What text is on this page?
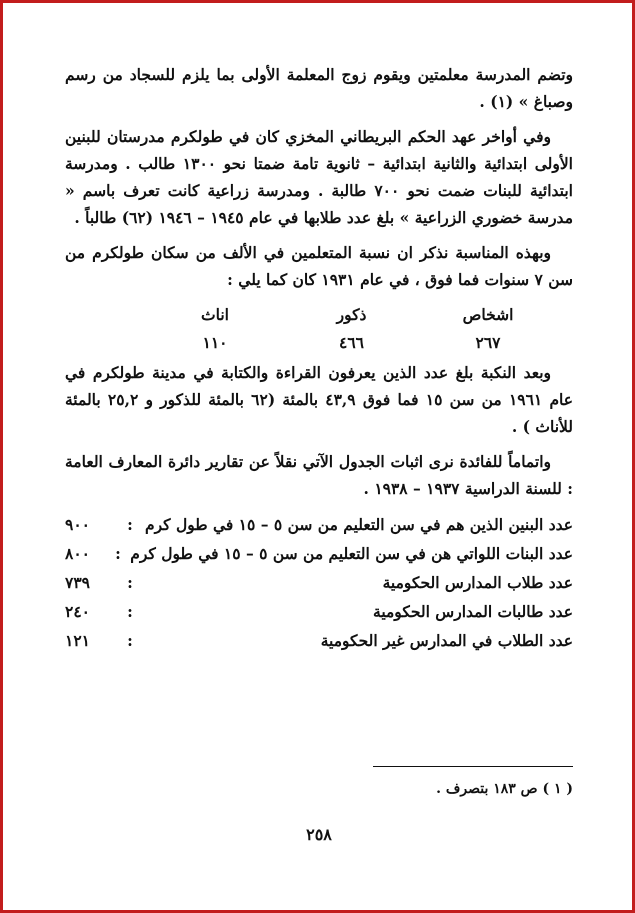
وتضم المدرسة معلمتين ويقوم زوج المعلمة الأولى بما يلزم للسجاد من رسم وصباغ » (١) .

وفي أواخر عهد الحكم البريطاني المخزي كان في طولكرم مدرستان للبنين الأولى ابتدائية والثانية ابتدائية – ثانوية تامة ضمتا نحو ١٣٠٠ طالب . ومدرسة ابتدائية للبنات ضمت نحو ٧٠٠ طالبة . ومدرسة زراعية كانت تعرف باسم « مدرسة خضوري الزراعية » بلغ عدد طلابها في عام ١٩٤٥ – ١٩٤٦ (٦٢) طالباً .

وبهذه المناسبة نذكر ان نسبة المتعلمين في الألف من سكان طولكرم من سن ٧ سنوات فما فوق ، في عام ١٩٣١ كان كما يلي :

اشخاص
٢٦٧
ذكور
٤٦٦
اناث
١١٠

وبعد النكبة بلغ عدد الذين يعرفون القراءة والكتابة في مدينة طولكرم في عام ١٩٦١ من سن ١٥ فما فوق ٤٣,٩ بالمئة (٦٢ بالمئة للذكور و ٢٥,٢ بالمئة للأناث ) .

واتماماً للفائدة نرى اثبات الجدول الآتي نقلاً عن تقارير دائرة المعارف العامة : للسنة الدراسية ١٩٣٧ – ١٩٣٨ .

عدد البنين الذين هم في سن التعليم من سن ٥ – ١٥ في طول كرم
:
٩٠٠
عدد البنات اللواتي هن في سن التعليم من سن ٥ – ١٥ في طول كرم
:
٨٠٠
عدد طلاب المدارس الحكومية
:
٧٣٩
عدد طالبات المدارس الحكومية
:
٢٤٠
عدد الطلاب في المدارس غير الحكومية
:
١٢١
( ١ ) ص ١٨٣ بتصرف .
٢٥٨
